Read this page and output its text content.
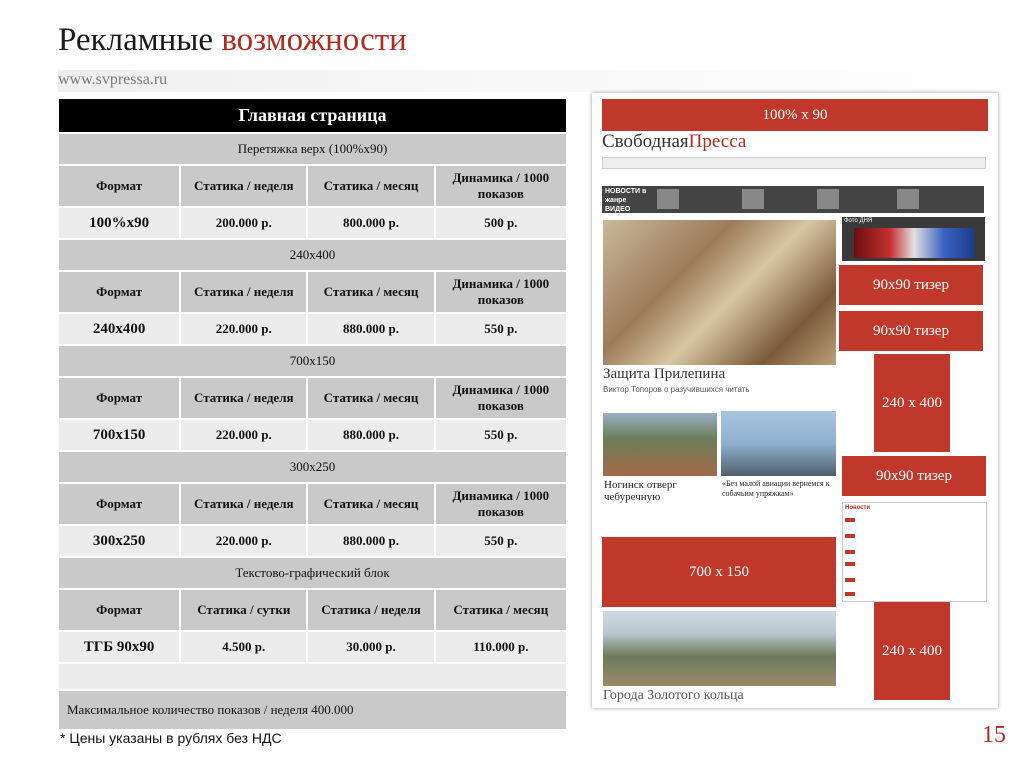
Рекламные возможности
www.svpressa.ru
Главная страница			
Перетяжка верх (100%x90)			
Формат	Статика / неделя	Статика / месяц	Динамика / 1000 показов
100%x90	200.000 р.	800.000 р.	500 р.
240x400			
Формат	Статика / неделя	Статика / месяц	Динамика / 1000 показов
240x400	220.000 р.	880.000 р.	550 р.
700x150			
Формат	Статика / неделя	Статика / месяц	Динамика / 1000 показов
700x150	220.000 р.	880.000 р.	550 р.
300x250			
Формат	Статика / неделя	Статика / месяц	Динамика / 1000 показов
300x250	220.000 р.	880.000 р.	550 р.
Текстово-графический блок			
Формат	Статика / сутки	Статика / неделя	Статика / месяц
ТГБ 90x90	4.500 р.	30.000 р.	110.000 р.

Максимальное количество показов / неделя 400.000			
100% x 90
СвободнаяПресса
НОВОСТИ в жанре ВИДЕО
Защита Прилепина
Виктор Топоров о разучившихся читать
Ногинск отверг чебуречную
«Без малой авиации вернемся к собачьим упряжкам»
Фото ДНЯ
90x90 тизер
90x90 тизер
240 x 400
90x90 тизер
Новости
700 x 150
Города Золотого кольца
240 x 400
* Цены указаны в рублях без НДС	15
